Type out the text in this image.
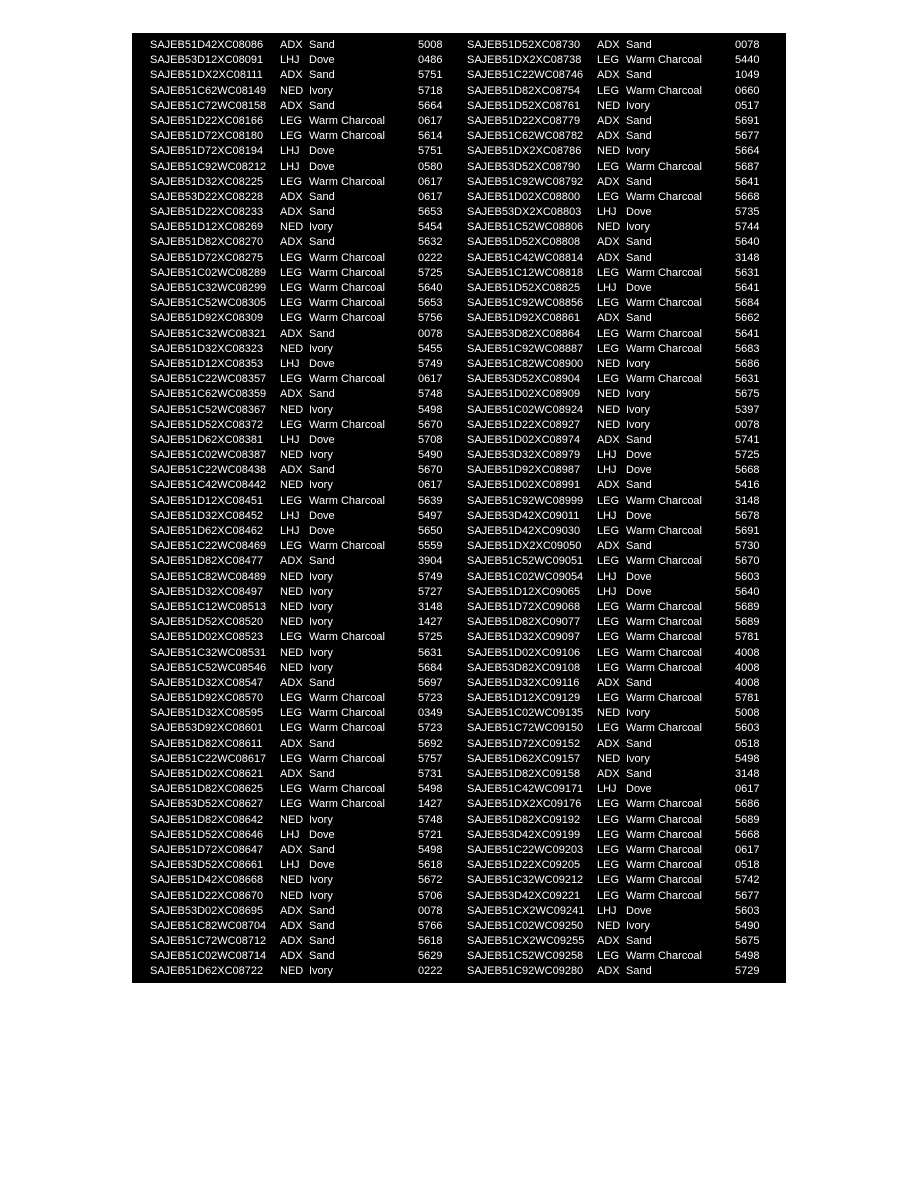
SAJEB51D42XC08086 ADX Sand	5008
SAJEB53D12XC08091 LHJ Dove	0486
SAJEB51DX2XC08111 ADX Sand	5751
SAJEB51C62WC08149 NED Ivory	5718
SAJEB51C72WC08158 ADX Sand	5664
SAJEB51D22XC08166 LEG Warm Charcoal	0617
SAJEB51D72XC08180 LEG Warm Charcoal	5614
SAJEB51D72XC08194 LHJ Dove	5751
SAJEB51C92WC08212 LHJ Dove	0580
SAJEB51D32XC08225 LEG Warm Charcoal	0617
SAJEB53D22XC08228 ADX Sand	0617
SAJEB51D22XC08233 ADX Sand	5653
SAJEB51D12XC08269 NED Ivory	5454
SAJEB51D82XC08270 ADX Sand	5632
SAJEB51D72XC08275 LEG Warm Charcoal	0222
SAJEB51C02WC08289 LEG Warm Charcoal	5725
SAJEB51C32WC08299 LEG Warm Charcoal	5640
SAJEB51C52WC08305 LEG Warm Charcoal	5653
SAJEB51D92XC08309 LEG Warm Charcoal	5756
SAJEB51C32WC08321 ADX Sand	0078
SAJEB51D32XC08323 NED Ivory	5455
SAJEB51D12XC08353 LHJ Dove	5749
SAJEB51C22WC08357 LEG Warm Charcoal	0617
SAJEB51C62WC08359 ADX Sand	5748
SAJEB51C52WC08367 NED Ivory	5498
SAJEB51D52XC08372 LEG Warm Charcoal	5670
SAJEB51D62XC08381 LHJ Dove	5708
SAJEB51C02WC08387 NED Ivory	5490
SAJEB51C22WC08438 ADX Sand	5670
SAJEB51C42WC08442 NED Ivory	0617
SAJEB51D12XC08451 LEG Warm Charcoal	5639
SAJEB51D32XC08452 LHJ Dove	5497
SAJEB51D62XC08462 LHJ Dove	5650
SAJEB51C22WC08469 LEG Warm Charcoal	5559
SAJEB51D82XC08477 ADX Sand	3904
SAJEB51C82WC08489 NED Ivory	5749
SAJEB51D32XC08497 NED Ivory	5727
SAJEB51C12WC08513 NED Ivory	3148
SAJEB51D52XC08520 NED Ivory	1427
SAJEB51D02XC08523 LEG Warm Charcoal	5725
SAJEB51C32WC08531 NED Ivory	5631
SAJEB51C52WC08546 NED Ivory	5684
SAJEB51D32XC08547 ADX Sand	5697
SAJEB51D92XC08570 LEG Warm Charcoal	5723
SAJEB51D32XC08595 LEG Warm Charcoal	0349
SAJEB53D92XC08601 LEG Warm Charcoal	5723
SAJEB51D82XC08611 ADX Sand	5692
SAJEB51C22WC08617 LEG Warm Charcoal	5757
SAJEB51D02XC08621 ADX Sand	5731
SAJEB51D82XC08625 LEG Warm Charcoal	5498
SAJEB53D52XC08627 LEG Warm Charcoal	1427
SAJEB51D82XC08642 NED Ivory	5748
SAJEB51D52XC08646 LHJ Dove	5721
SAJEB51D72XC08647 ADX Sand	5498
SAJEB53D52XC08661 LHJ Dove	5618
SAJEB51D42XC08668 NED Ivory	5672
SAJEB51D22XC08670 NED Ivory	5706
SAJEB53D02XC08695 ADX Sand	0078
SAJEB51C82WC08704 ADX Sand	5766
SAJEB51C72WC08712 ADX Sand	5618
SAJEB51C02WC08714 ADX Sand	5629
SAJEB51D62XC08722 NED Ivory	0222
SAJEB51D52XC08730 ADX Sand	0078
SAJEB51DX2XC08738 LEG Warm Charcoal	5440
SAJEB51C22WC08746 ADX Sand	1049
SAJEB51D82XC08754 LEG Warm Charcoal	0660
SAJEB51D52XC08761 NED Ivory	0517
SAJEB51D22XC08779 ADX Sand	5691
SAJEB51C62WC08782 ADX Sand	5677
SAJEB51DX2XC08786 NED Ivory	5664
SAJEB53D52XC08790 LEG Warm Charcoal	5687
SAJEB51C92WC08792 ADX Sand	5641
SAJEB51D02XC08800 LEG Warm Charcoal	5668
SAJEB53DX2XC08803 LHJ Dove	5735
SAJEB51C52WC08806 NED Ivory	5744
SAJEB51D52XC08808 ADX Sand	5640
SAJEB51C42WC08814 ADX Sand	3148
SAJEB51C12WC08818 LEG Warm Charcoal	5631
SAJEB51D52XC08825 LHJ Dove	5641
SAJEB51C92WC08856 LEG Warm Charcoal	5684
SAJEB51D92XC08861 ADX Sand	5662
SAJEB53D82XC08864 LEG Warm Charcoal	5641
SAJEB51C92WC08887 LEG Warm Charcoal	5683
SAJEB51C82WC08900 NED Ivory	5686
SAJEB53D52XC08904 LEG Warm Charcoal	5631
SAJEB51D02XC08909 NED Ivory	5675
SAJEB51C02WC08924 NED Ivory	5397
SAJEB51D22XC08927 NED Ivory	0078
SAJEB51D02XC08974 ADX Sand	5741
SAJEB53D32XC08979 LHJ Dove	5725
SAJEB51D92XC08987 LHJ Dove	5668
SAJEB51D02XC08991 ADX Sand	5416
SAJEB51C92WC08999 LEG Warm Charcoal	3148
SAJEB53D42XC09011 LHJ Dove	5678
SAJEB51D42XC09030 LEG Warm Charcoal	5691
SAJEB51DX2XC09050 ADX Sand	5730
SAJEB51C52WC09051 LEG Warm Charcoal	5670
SAJEB51C02WC09054 LHJ Dove	5603
SAJEB51D12XC09065 LHJ Dove	5640
SAJEB51D72XC09068 LEG Warm Charcoal	5689
SAJEB51D82XC09077 LEG Warm Charcoal	5689
SAJEB51D32XC09097 LEG Warm Charcoal	5781
SAJEB51D02XC09106 LEG Warm Charcoal	4008
SAJEB53D82XC09108 LEG Warm Charcoal	4008
SAJEB51D32XC09116 ADX Sand	4008
SAJEB51D12XC09129 LEG Warm Charcoal	5781
SAJEB51C02WC09135 NED Ivory	5008
SAJEB51C72WC09150 LEG Warm Charcoal	5603
SAJEB51D72XC09152 ADX Sand	0518
SAJEB51D62XC09157 NED Ivory	5498
SAJEB51D82XC09158 ADX Sand	3148
SAJEB51C42WC09171 LHJ Dove	0617
SAJEB51DX2XC09176 LEG Warm Charcoal	5686
SAJEB51D82XC09192 LEG Warm Charcoal	5689
SAJEB53D42XC09199 LEG Warm Charcoal	5668
SAJEB51C22WC09203 LEG Warm Charcoal	0617
SAJEB51D22XC09205 LEG Warm Charcoal	0518
SAJEB51C32WC09212 LEG Warm Charcoal	5742
SAJEB53D42XC09221 LEG Warm Charcoal	5677
SAJEB51CX2WC09241 LHJ Dove	5603
SAJEB51C02WC09250 NED Ivory	5490
SAJEB51CX2WC09255 ADX Sand	5675
SAJEB51C52WC09258 LEG Warm Charcoal	5498
SAJEB51C92WC09280 ADX Sand	5729
